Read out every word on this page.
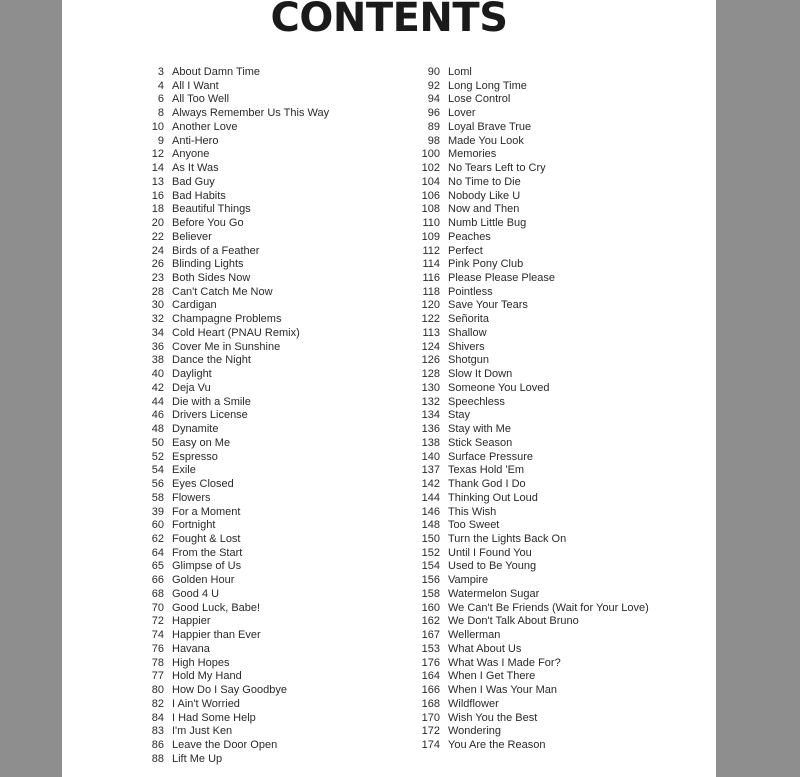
CONTENTS
3 About Damn Time
4 All I Want
6 All Too Well
8 Always Remember Us This Way
10 Another Love
9 Anti-Hero
12 Anyone
14 As It Was
13 Bad Guy
16 Bad Habits
18 Beautiful Things
20 Before You Go
22 Believer
24 Birds of a Feather
26 Blinding Lights
23 Both Sides Now
28 Can't Catch Me Now
30 Cardigan
32 Champagne Problems
34 Cold Heart (PNAU Remix)
36 Cover Me in Sunshine
38 Dance the Night
40 Daylight
42 Deja Vu
44 Die with a Smile
46 Drivers License
48 Dynamite
50 Easy on Me
52 Espresso
54 Exile
56 Eyes Closed
58 Flowers
39 For a Moment
60 Fortnight
62 Fought & Lost
64 From the Start
65 Glimpse of Us
66 Golden Hour
68 Good 4 U
70 Good Luck, Babe!
72 Happier
74 Happier than Ever
76 Havana
78 High Hopes
77 Hold My Hand
80 How Do I Say Goodbye
82 I Ain't Worried
84 I Had Some Help
83 I'm Just Ken
86 Leave the Door Open
88 Lift Me Up
90 Loml
92 Long Long Time
94 Lose Control
96 Lover
89 Loyal Brave True
98 Made You Look
100 Memories
102 No Tears Left to Cry
104 No Time to Die
106 Nobody Like U
108 Now and Then
110 Numb Little Bug
109 Peaches
112 Perfect
114 Pink Pony Club
116 Please Please Please
118 Pointless
120 Save Your Tears
122 Señorita
113 Shallow
124 Shivers
126 Shotgun
128 Slow It Down
130 Someone You Loved
132 Speechless
134 Stay
136 Stay with Me
138 Stick Season
140 Surface Pressure
137 Texas Hold 'Em
142 Thank God I Do
144 Thinking Out Loud
146 This Wish
148 Too Sweet
150 Turn the Lights Back On
152 Until I Found You
154 Used to Be Young
156 Vampire
158 Watermelon Sugar
160 We Can't Be Friends (Wait for Your Love)
162 We Don't Talk About Bruno
167 Wellerman
153 What About Us
176 What Was I Made For?
164 When I Get There
166 When I Was Your Man
168 Wildflower
170 Wish You the Best
172 Wondering
174 You Are the Reason
